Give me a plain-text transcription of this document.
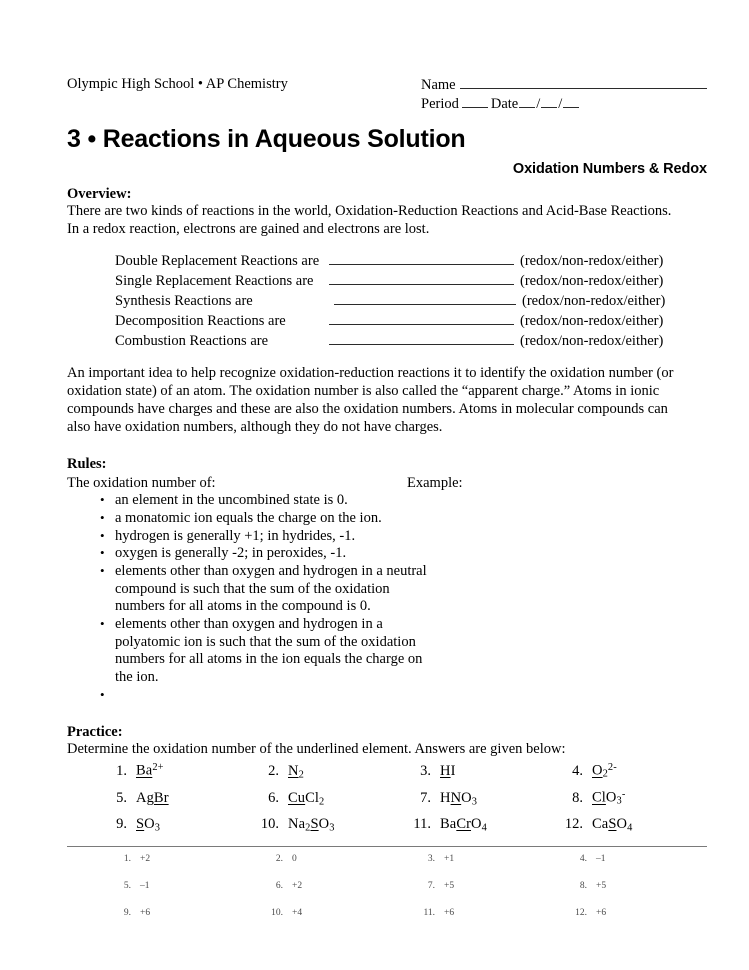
Olympic High School • AP Chemistry	Name
Period Date / /
3 • Reactions in Aqueous Solution
Oxidation Numbers & Redox
Overview:
There are two kinds of reactions in the world, Oxidation-Reduction Reactions and Acid-Base Reactions.
In a redox reaction, electrons are gained and electrons are lost.
Double Replacement Reactions are	(redox/non-redox/either)
Single Replacement Reactions are	(redox/non-redox/either)
Synthesis Reactions are	(redox/non-redox/either)
Decomposition Reactions are	(redox/non-redox/either)
Combustion Reactions are	(redox/non-redox/either)
An important idea to help recognize oxidation-reduction reactions it to identify the oxidation number (or
oxidation state) of an atom. The oxidation number is also called the “apparent charge.” Atoms in ionic
compounds have charges and these are also the oxidation numbers. Atoms in molecular compounds can
also have oxidation numbers, although they do not have charges.
Rules:
The oxidation number of:	Example:
• an element in the uncombined state is 0.
• a monatomic ion equals the charge on the ion.
• hydrogen is generally +1; in hydrides, -1.
• oxygen is generally -2; in peroxides, -1.
• elements other than oxygen and hydrogen in a neutral compound is such that the sum of the oxidation numbers for all atoms in the compound is 0.
• elements other than oxygen and hydrogen in a polyatomic ion is such that the sum of the oxidation numbers for all atoms in the ion equals the charge on the ion.
•
Practice:
Determine the oxidation number of the underlined element. Answers are given below:
1. $Ba^{2+}$	2. $N_2$	3. HI	4. $O_2^{2-}$
5. AgBr	6. CuCl$_2$	7. $HNO_3$	8. ClO$_3$-
9. $SO_3$	10. $Na_2SO_3$	11. BaCrO$_4$	12. CaSO$_4$
1. +2	2. 0	3. +1	4. –1
5. –1	6. +2	7. +5	8. +5
9. +6	10. +4	11. +6	12. +6
